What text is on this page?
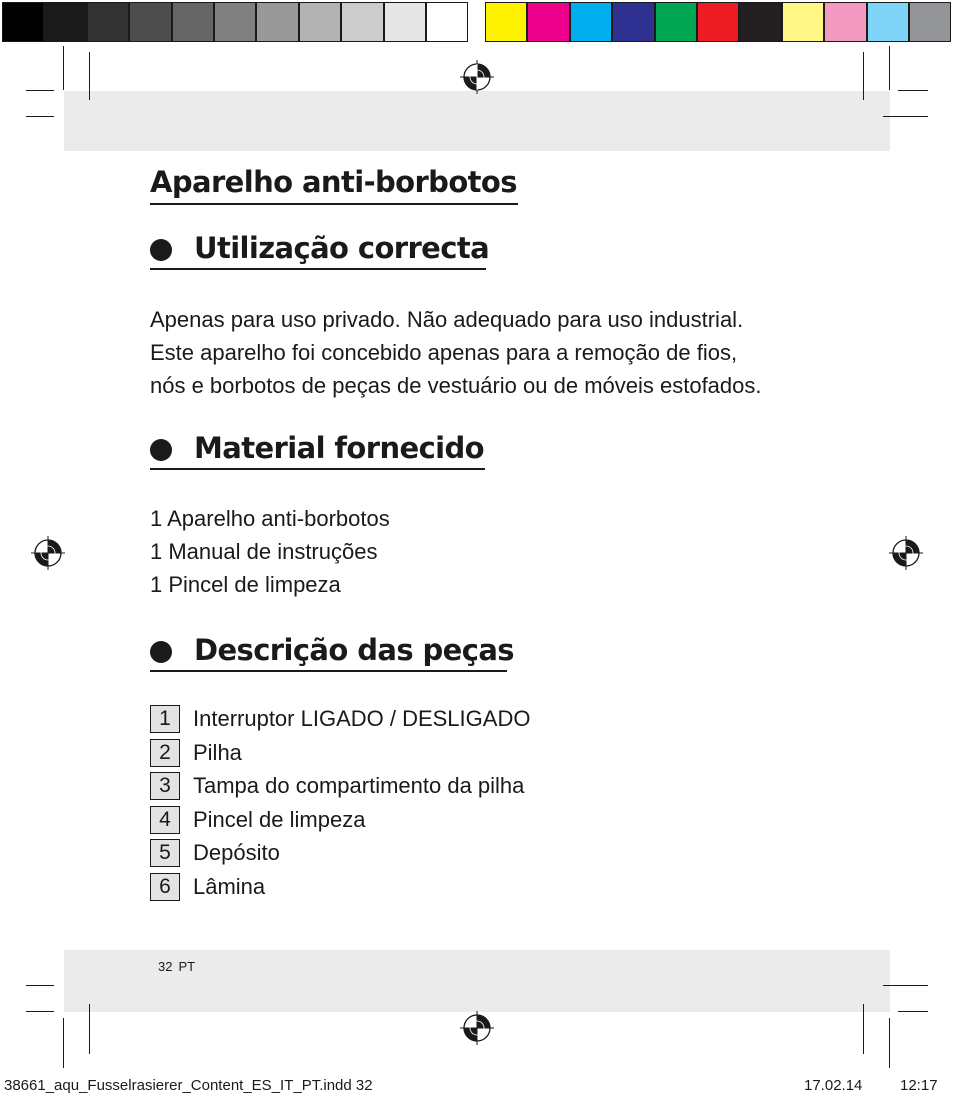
Aparelho anti-borbotos
Utilização correcta
Apenas para uso privado. Não adequado para uso industrial.
Este aparelho foi concebido apenas para a remoção de fios,
nós e borbotos de peças de vestuário ou de móveis estofados.
Material fornecido
1 Aparelho anti-borbotos
1 Manual de instruções
1 Pincel de limpeza
Descrição das peças
1	Interruptor LIGADO / DESLIGADO
2	Pilha
3	Tampa do compartimento da pilha
4	Pincel de limpeza
5	Depósito
6	Lâmina
32 PT
38661_aqu_Fusselrasierer_Content_ES_IT_PT.indd 32	17.02.14	12:17
